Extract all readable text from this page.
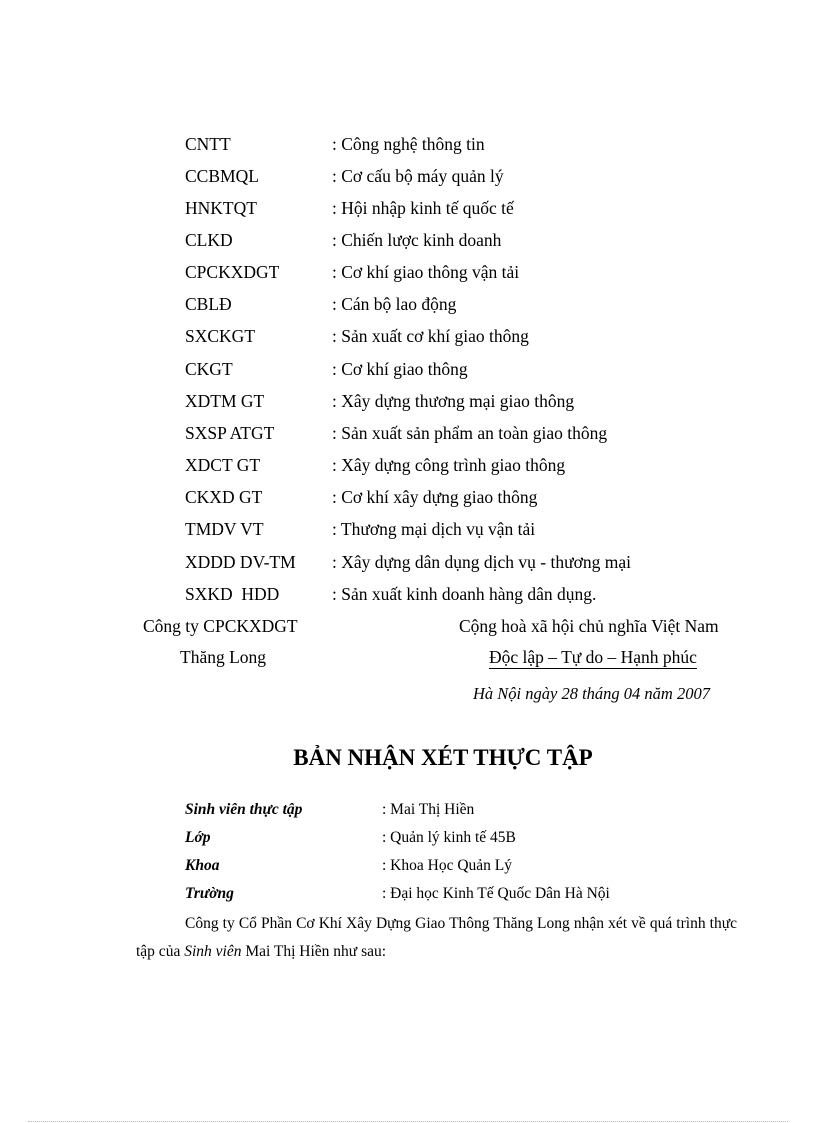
CNTT	: Công nghệ thông tin
CCBMQL	: Cơ cấu bộ máy quản lý
HNKTQT	: Hội nhập kinh tế quốc tế
CLKD	: Chiến lược kinh doanh
CPCKXDGT	: Cơ khí giao thông vận tải
CBLĐ	: Cán bộ lao động
SXCKGT	: Sản xuất cơ khí giao thông
CKGT	: Cơ khí giao thông
XDTM GT	: Xây dựng thương mại giao thông
SXSP ATGT	: Sản xuất sản phẩm an toàn giao thông
XDCT GT	: Xây dựng công trình giao thông
CKXD GT	: Cơ khí xây dựng giao thông
TMDV VT	: Thương mại dịch vụ vận tải
XDDD DV-TM : Xây dựng dân dụng dịch vụ - thương mại
SXKD  HDD	: Sản xuất kinh doanh hàng dân dụng.
Công ty CPCKXDGT
Thăng Long
Cộng hoà xã hội chủ nghĩa Việt Nam
Độc lập – Tự do – Hạnh phúc
Hà Nội ngày 28 tháng 04 năm 2007
BẢN NHẬN XÉT THỰC TẬP
Sinh viên thực tập	: Mai Thị Hiền
Lớp	: Quản lý kinh tế 45B
Khoa	: Khoa Học Quản Lý
Trường	: Đại học Kinh Tế Quốc Dân Hà Nội
Công ty Cổ Phần Cơ Khí Xây Dựng Giao Thông Thăng Long nhận xét về quá trình thực tập của Sinh viên Mai Thị Hiền như sau:
